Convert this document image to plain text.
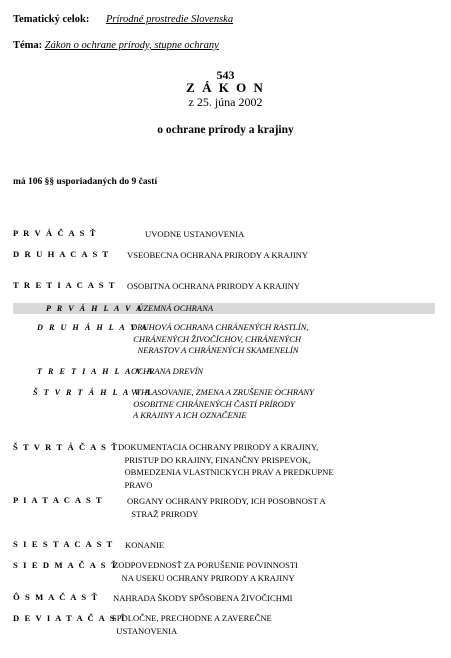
Tematický celok: Prírodné prostredie Slovenska
Téma: Zákon o ochrane prírody, stupne ochrany
543
Z Á K O N
z 25. júna 2002
o ochrane prírody a krajiny
má 106 §§ usporiadaných do 9 častí
P R V Á Č A S Ť	UVODNE USTANOVENIA
D R U H A C A S T VSEOBECNA OCHRANA PRIRODY A KRAJINY
T R E T I A C A S T OSOBITNA OCHRANA PRIRODY A KRAJINY
P R V Á H L A V A
ÚZEMNÁ OCHRANA
D R U H Á H L A V A
DRUHOVÁ OCHRANA CHRÁNENÝCH RASTLÍN,
CHRÁNENÝCH ŽIVOČÍCHOV, CHRÁNENÝCH
NERASTOV A CHRÁNENÝCH SKAMENELÍN
T R E T I A H L A V A
OCHRANA DREVÍN
Š T V R T Á H L A V A
VYHLASOVANIE, ZMENA A ZRUŠENIE OCHRANY
OSOBITNE CHRÁNENÝCH ČASTÍ PRÍRODY
A KRAJINY A ICH OZNAČENIE
Š T V R T Á Č A S Ť DOKUMENTACIA OCHRANY PRIRODY A KRAJINY,
PRISTUP DO KRAJINY, FINANČNY PRISPEVOK,
OBMEDZENIA VLASTNICKYCH PRAV A PREDKUPNE
PRAVO
P I A T A C A S T	ORGANY OCHRANY PRIRODY, ICH POSOBNOST A
STRAŽ PRIRODY
S I E S T A C A S T KONANIE
S I E D M A Č A S Ť
ZODPOVEDNOSŤ ZA PORUŠENIE POVINNOSTI
NA USEKU OCHRANY PRIRODY A KRAJINY
Ô S M A Č A S Ť NAHRADA ŠKODY SPÔSOBENA ŽIVOČICHMI
D E V I A T A Č A S Ť
SPOLOČNE, PRECHODNE A ZAVEREČNE
USTANOVENIA
